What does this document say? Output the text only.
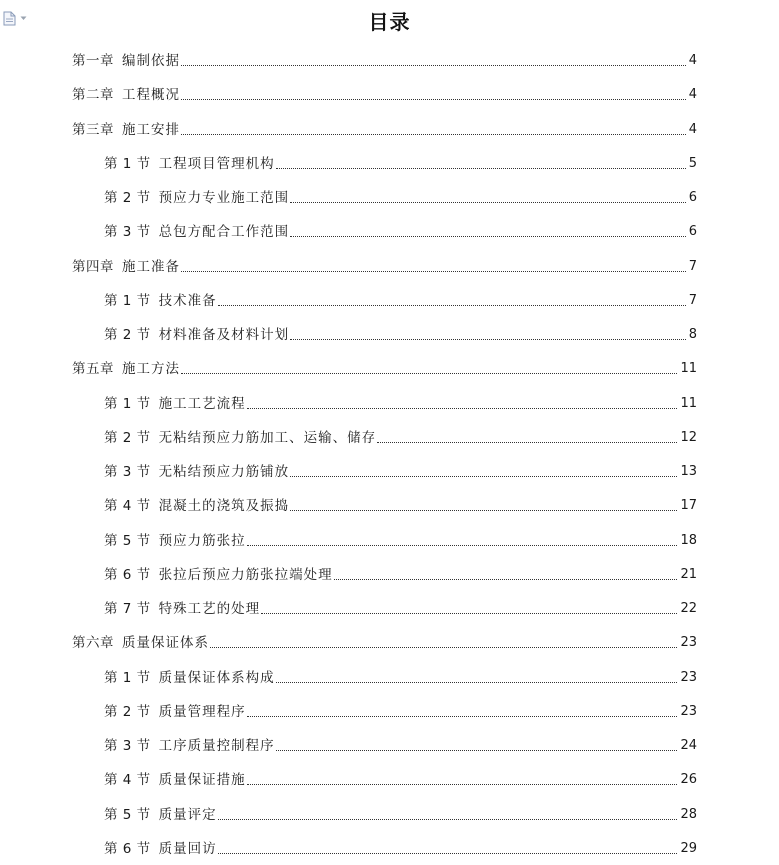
目录
第一章 编制依据	4
第二章 工程概况	4
第三章 施工安排	4
第 1 节 工程项目管理机构	5
第 2 节 预应力专业施工范围	6
第 3 节 总包方配合工作范围	6
第四章 施工准备	7
第 1 节 技术准备	7
第 2 节 材料准备及材料计划	8
第五章 施工方法	11
第 1 节 施工工艺流程	11
第 2 节 无粘结预应力筋加工、运输、储存	12
第 3 节 无粘结预应力筋铺放	13
第 4 节 混凝土的浇筑及振捣	17
第 5 节 预应力筋张拉	18
第 6 节 张拉后预应力筋张拉端处理	21
第 7 节 特殊工艺的处理	22
第六章 质量保证体系	23
第 1 节 质量保证体系构成	23
第 2 节 质量管理程序	23
第 3 节 工序质量控制程序	24
第 4 节 质量保证措施	26
第 5 节 质量评定	28
第 6 节 质量回访	29
